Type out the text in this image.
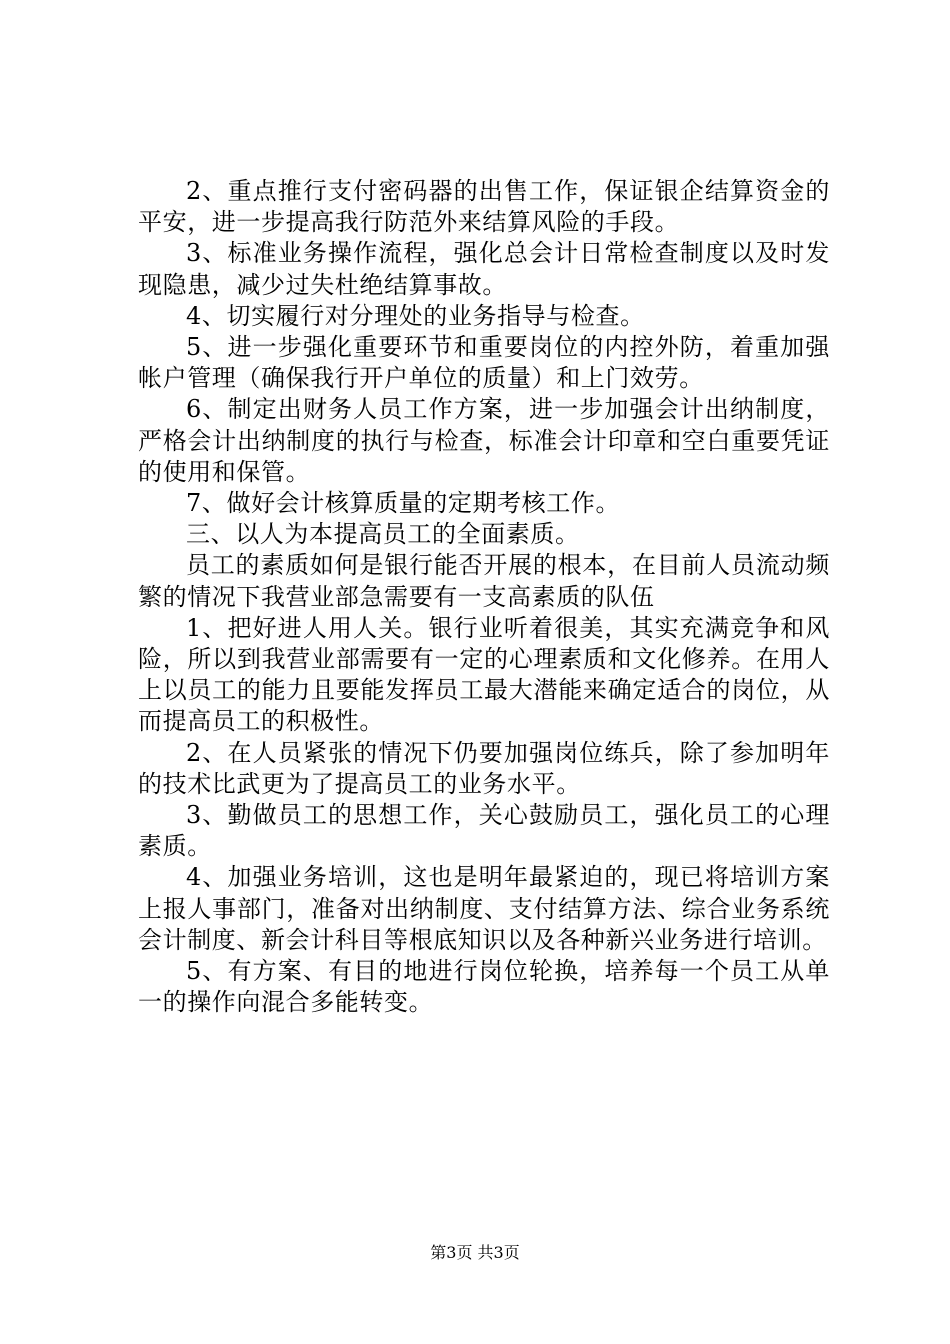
2、重点推行支付密码器的出售工作，保证银企结算资金的平安，进一步提高我行防范外来结算风险的手段。

3、标准业务操作流程，强化总会计日常检查制度以及时发现隐患，减少过失杜绝结算事故。

4、切实履行对分理处的业务指导与检查。

5、进一步强化重要环节和重要岗位的内控外防，着重加强帐户管理（确保我行开户单位的质量）和上门效劳。

6、制定出财务人员工作方案，进一步加强会计出纳制度，严格会计出纳制度的执行与检查，标准会计印章和空白重要凭证的使用和保管。

7、做好会计核算质量的定期考核工作。

三、以人为本提高员工的全面素质。

员工的素质如何是银行能否开展的根本，在目前人员流动频繁的情况下我营业部急需要有一支高素质的队伍

1、把好进人用人关。银行业听着很美，其实充满竞争和风险，所以到我营业部需要有一定的心理素质和文化修养。在用人上以员工的能力且要能发挥员工最大潜能来确定适合的岗位，从而提高员工的积极性。

2、在人员紧张的情况下仍要加强岗位练兵，除了参加明年的技术比武更为了提高员工的业务水平。

3、勤做员工的思想工作，关心鼓励员工，强化员工的心理素质。

4、加强业务培训，这也是明年最紧迫的，现已将培训方案上报人事部门，准备对出纳制度、支付结算方法、综合业务系统会计制度、新会计科目等根底知识以及各种新兴业务进行培训。

5、有方案、有目的地进行岗位轮换，培养每一个员工从单一的操作向混合多能转变。

第3页 共3页
